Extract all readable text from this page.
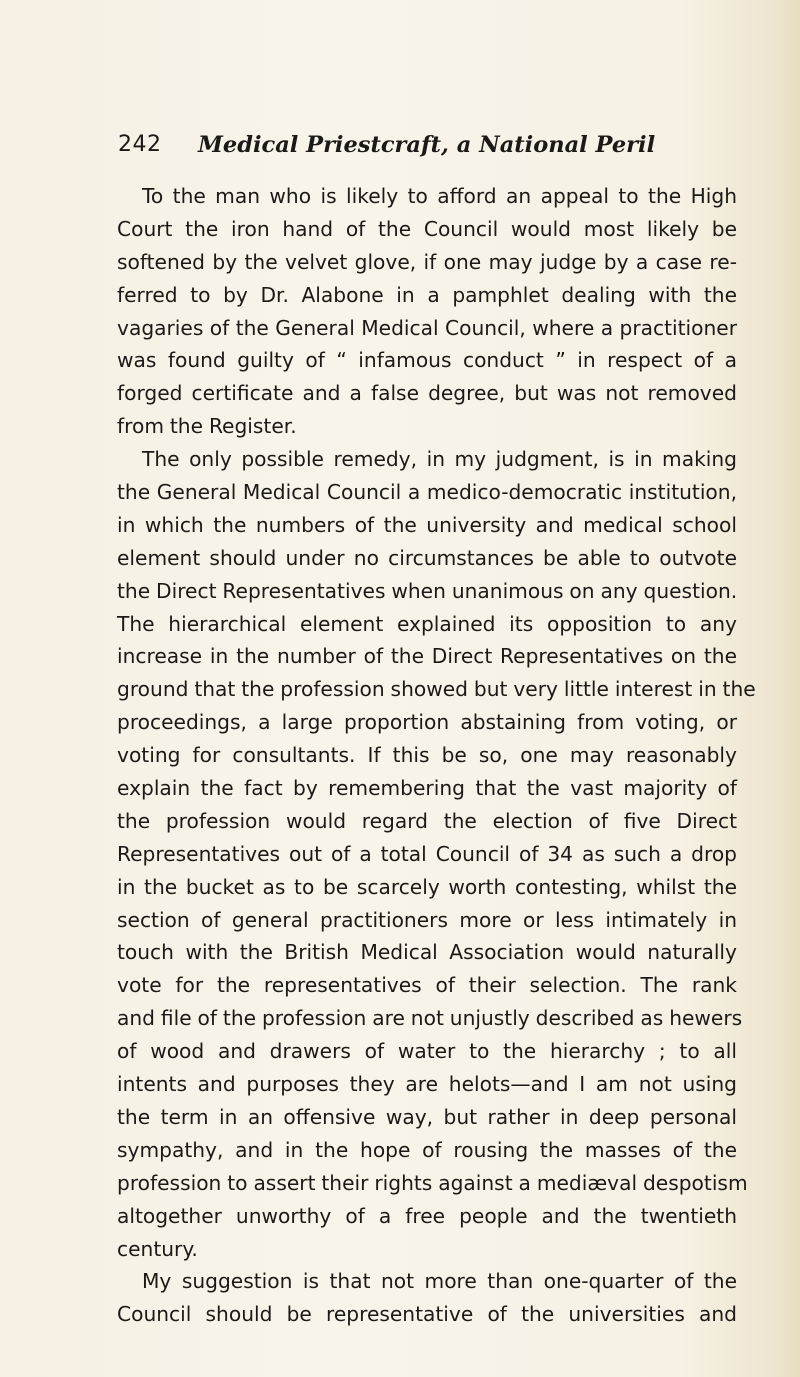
242 Medical Priestcraft, a National Peril
To the man who is likely to afford an appeal to the High
Court the iron hand of the Council would most likely be
softened by the velvet glove, if one may judge by a case re-
ferred to by Dr. Alabone in a pamphlet dealing with the
vagaries of the General Medical Council, where a practitioner
was found guilty of “ infamous conduct ” in respect of a
forged certificate and a false degree, but was not removed
from the Register.
The only possible remedy, in my judgment, is in making
the General Medical Council a medico-democratic institution,
in which the numbers of the university and medical school
element should under no circumstances be able to outvote
the Direct Representatives when unanimous on any question.
The hierarchical element explained its opposition to any
increase in the number of the Direct Representatives on the
ground that the profession showed but very little interest in the
proceedings, a large proportion abstaining from voting, or
voting for consultants. If this be so, one may reasonably
explain the fact by remembering that the vast majority of
the profession would regard the election of five Direct
Representatives out of a total Council of 34 as such a drop
in the bucket as to be scarcely worth contesting, whilst the
section of general practitioners more or less intimately in
touch with the British Medical Association would naturally
vote for the representatives of their selection. The rank
and file of the profession are not unjustly described as hewers
of wood and drawers of water to the hierarchy ; to all
intents and purposes they are helots—and I am not using
the term in an offensive way, but rather in deep personal
sympathy, and in the hope of rousing the masses of the
profession to assert their rights against a mediæval despotism
altogether unworthy of a free people and the twentieth
century.
My suggestion is that not more than one-quarter of the
Council should be representative of the universities and
